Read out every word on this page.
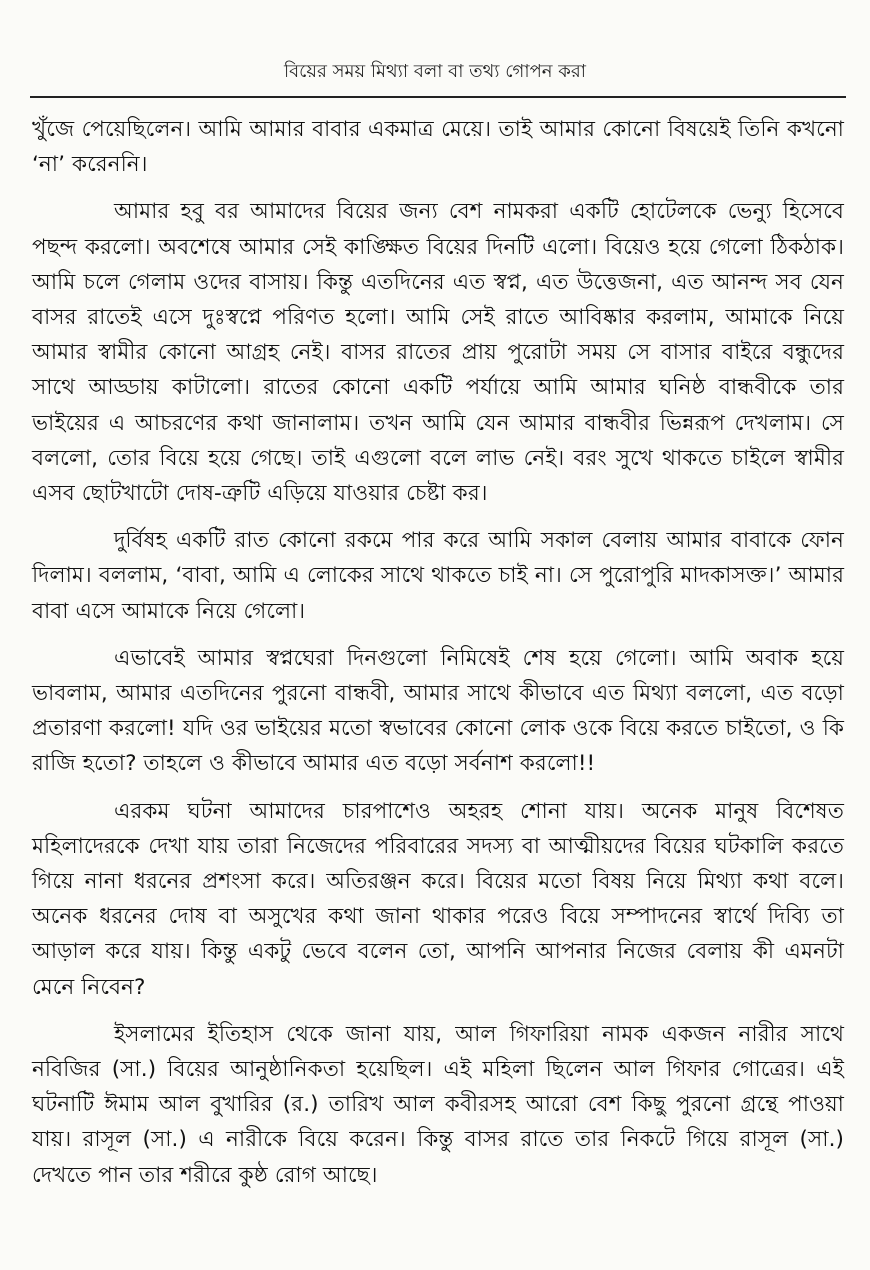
বিয়ের সময় মিথ্যা বলা বা তথ্য গোপন করা

খুঁজে পেয়েছিলেন। আমি আমার বাবার একমাত্র মেয়ে। তাই আমার কোনো বিষয়েই তিনি কখনো ‘না’ করেননি।

আমার হবু বর আমাদের বিয়ের জন্য বেশ নামকরা একটি হোটেলকে ভেন্যু হিসেবে পছন্দ করলো। অবশেষে আমার সেই কাঙ্ক্ষিত বিয়ের দিনটি এলো। বিয়েও হয়ে গেলো ঠিকঠাক। আমি চলে গেলাম ওদের বাসায়। কিন্তু এতদিনের এত স্বপ্ন, এত উত্তেজনা, এত আনন্দ সব যেন বাসর রাতেই এসে দুঃস্বপ্নে পরিণত হলো। আমি সেই রাতে আবিষ্কার করলাম, আমাকে নিয়ে আমার স্বামীর কোনো আগ্রহ নেই। বাসর রাতের প্রায় পুরোটা সময় সে বাসার বাইরে বন্ধুদের সাথে আড্ডায় কাটালো। রাতের কোনো একটি পর্যায়ে আমি আমার ঘনিষ্ঠ বান্ধবীকে তার ভাইয়ের এ আচরণের কথা জানালাম। তখন আমি যেন আমার বান্ধবীর ভিন্নরূপ দেখলাম। সে বললো, তোর বিয়ে হয়ে গেছে। তাই এগুলো বলে লাভ নেই। বরং সুখে থাকতে চাইলে স্বামীর এসব ছোটখাটো দোষ-ত্রুটি এড়িয়ে যাওয়ার চেষ্টা কর।

দুর্বিষহ একটি রাত কোনো রকমে পার করে আমি সকাল বেলায় আমার বাবাকে ফোন দিলাম। বললাম, ‘বাবা, আমি এ লোকের সাথে থাকতে চাই না। সে পুরোপুরি মাদকাসক্ত।’ আমার বাবা এসে আমাকে নিয়ে গেলো।

এভাবেই আমার স্বপ্নঘেরা দিনগুলো নিমিষেই শেষ হয়ে গেলো। আমি অবাক হয়ে ভাবলাম, আমার এতদিনের পুরনো বান্ধবী, আমার সাথে কীভাবে এত মিথ্যা বললো, এত বড়ো প্রতারণা করলো! যদি ওর ভাইয়ের মতো স্বভাবের কোনো লোক ওকে বিয়ে করতে চাইতো, ও কি রাজি হতো? তাহলে ও কীভাবে আমার এত বড়ো সর্বনাশ করলো!!

এরকম ঘটনা আমাদের চারপাশেও অহরহ শোনা যায়। অনেক মানুষ বিশেষত মহিলাদেরকে দেখা যায় তারা নিজেদের পরিবারের সদস্য বা আত্মীয়দের বিয়ের ঘটকালি করতে গিয়ে নানা ধরনের প্রশংসা করে। অতিরঞ্জন করে। বিয়ের মতো বিষয় নিয়ে মিথ্যা কথা বলে। অনেক ধরনের দোষ বা অসুখের কথা জানা থাকার পরেও বিয়ে সম্পাদনের স্বার্থে দিব্যি তা আড়াল করে যায়। কিন্তু একটু ভেবে বলেন তো, আপনি আপনার নিজের বেলায় কী এমনটা মেনে নিবেন?

ইসলামের ইতিহাস থেকে জানা যায়, আল গিফারিয়া নামক একজন নারীর সাথে নবিজির (সা.) বিয়ের আনুষ্ঠানিকতা হয়েছিল। এই মহিলা ছিলেন আল গিফার গোত্রের। এই ঘটনাটি ঈমাম আল বুখারির (র.) তারিখ আল কবীরসহ আরো বেশ কিছু পুরনো গ্রন্থে পাওয়া যায়। রাসূল (সা.) এ নারীকে বিয়ে করেন। কিন্তু বাসর রাতে তার নিকটে গিয়ে রাসূল (সা.) দেখতে পান তার শরীরে কুষ্ঠ রোগ আছে।
